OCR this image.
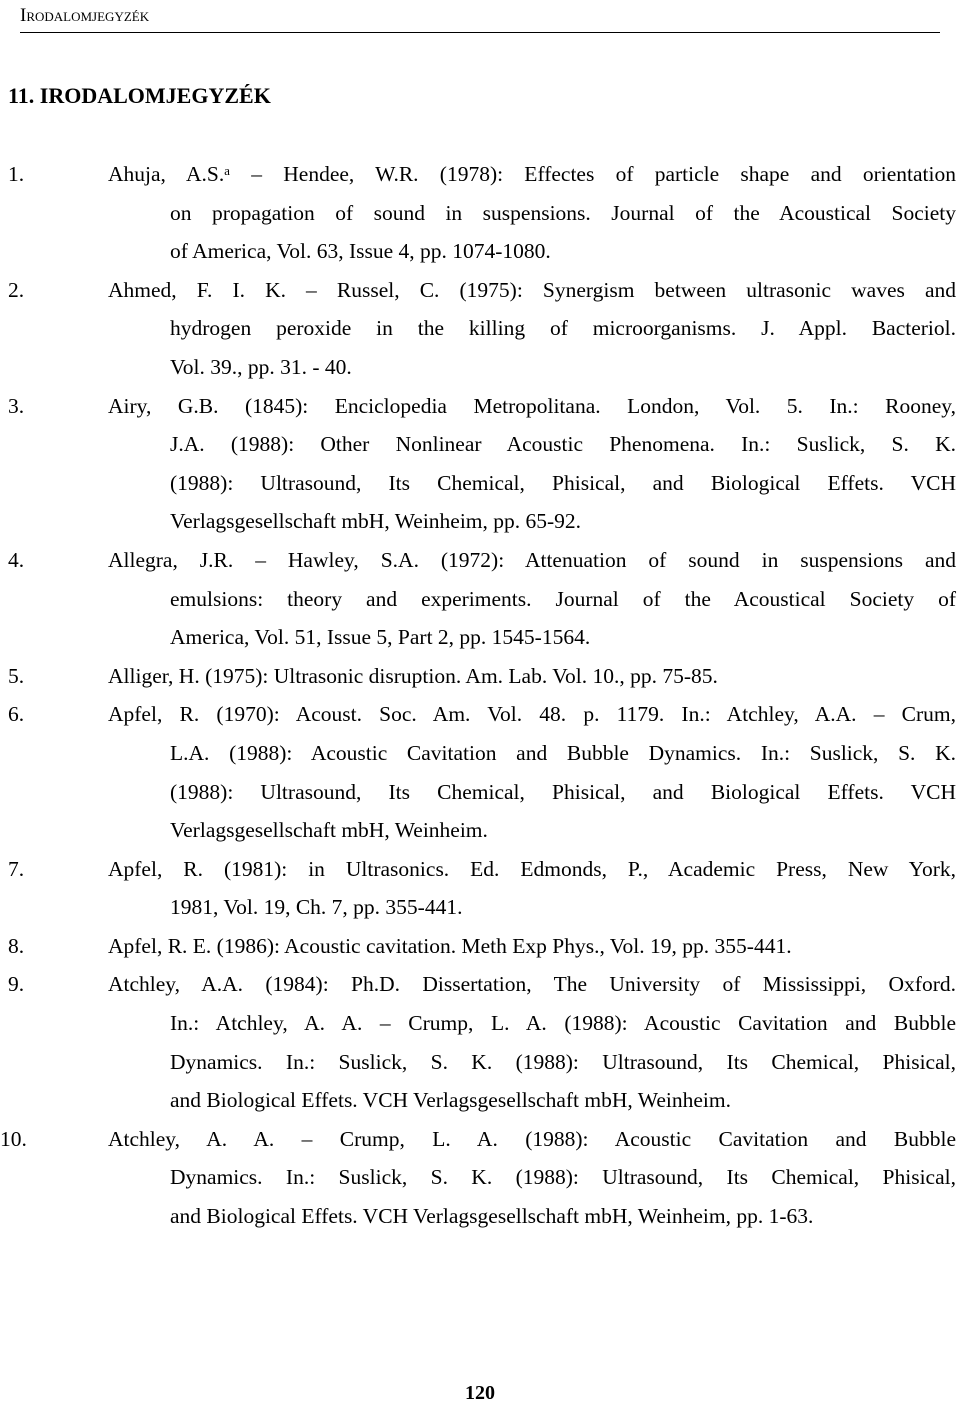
Irodalomjegyzék
11. IRODALOMJEGYZÉK
1.	Ahuja, A.S.ᵃ – Hendee, W.R. (1978): Effectes of particle shape and orientation
on propagation of sound in suspensions. Journal of the Acoustical Society
of America, Vol. 63, Issue 4, pp. 1074-1080.
2.	Ahmed, F. I. K. – Russel, C. (1975): Synergism between ultrasonic waves and
hydrogen peroxide in the killing of microorganisms. J. Appl. Bacteriol.
Vol. 39., pp. 31. - 40.
3.	Airy, G.B. (1845): Enciclopedia Metropolitana. London, Vol. 5. In.: Rooney,
J.A. (1988): Other Nonlinear Acoustic Phenomena. In.: Suslick, S. K.
(1988): Ultrasound, Its Chemical, Phisical, and Biological Effets. VCH
Verlagsgesellschaft mbH, Weinheim, pp. 65-92.
4.	Allegra, J.R. – Hawley, S.A. (1972): Attenuation of sound in suspensions and
emulsions: theory and experiments. Journal of the Acoustical Society of
America, Vol. 51, Issue 5, Part 2, pp. 1545-1564.
5.	Alliger, H. (1975): Ultrasonic disruption. Am. Lab. Vol. 10., pp. 75-85.
6.	Apfel, R. (1970): Acoust. Soc. Am. Vol. 48. p. 1179. In.: Atchley, A.A. – Crum,
L.A. (1988): Acoustic Cavitation and Bubble Dynamics. In.: Suslick, S. K.
(1988): Ultrasound, Its Chemical, Phisical, and Biological Effets. VCH
Verlagsgesellschaft mbH, Weinheim.
7.	Apfel, R. (1981): in Ultrasonics. Ed. Edmonds, P., Academic Press, New York,
1981, Vol. 19, Ch. 7, pp. 355-441.
8.	Apfel, R. E. (1986): Acoustic cavitation. Meth Exp Phys., Vol. 19, pp. 355-441.
9.	Atchley, A.A. (1984): Ph.D. Dissertation, The University of Mississippi, Oxford.
In.: Atchley, A. A. – Crump, L. A. (1988): Acoustic Cavitation and Bubble
Dynamics. In.: Suslick, S. K. (1988): Ultrasound, Its Chemical, Phisical,
and Biological Effets. VCH Verlagsgesellschaft mbH, Weinheim.
10.	Atchley, A. A. – Crump, L. A. (1988): Acoustic Cavitation and Bubble
Dynamics. In.: Suslick, S. K. (1988): Ultrasound, Its Chemical, Phisical,
and Biological Effets. VCH Verlagsgesellschaft mbH, Weinheim, pp. 1-63.
120
